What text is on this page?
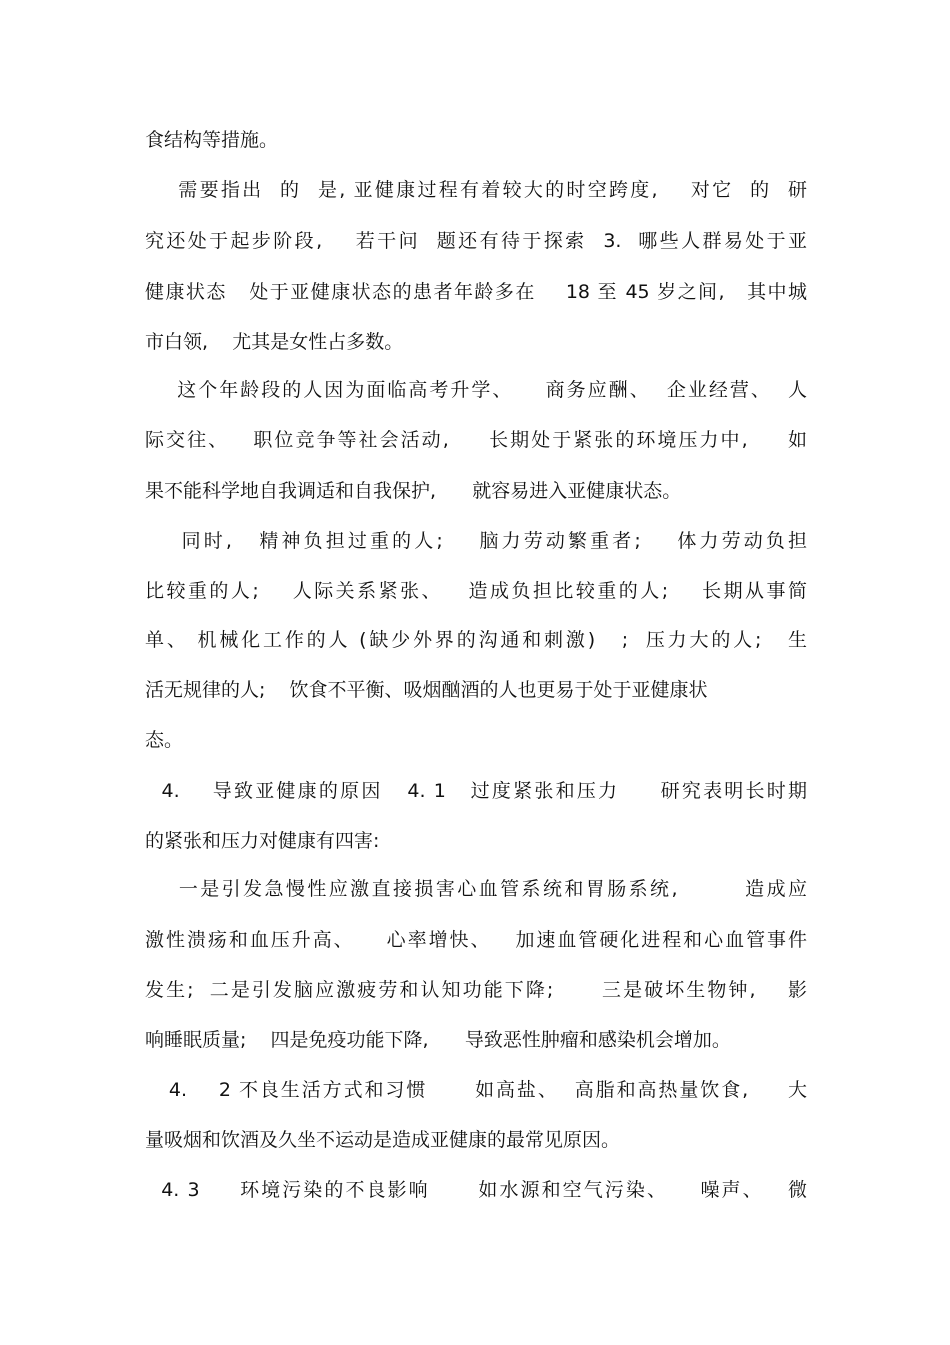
食结构等措施。
需要指出  的  是, 亚健康过程有着较大的时空跨度,    对它  的  研
究还处于起步阶段,    若干问  题还有待于探索  3.  哪些人群易处于亚
健康状态   处于亚健康状态的患者年龄多在    18 至 45 岁之间,   其中城
市白领,    尤其是女性占多数。
这个年龄段的人因为面临高考升学、    商务应酬、  企业经营、  人
际交往、   职位竞争等社会活动,     长期处于紧张的环境压力中,     如
果不能科学地自我调适和自我保护,      就容易进入亚健康状态。
同时,   精神负担过重的人;    脑力劳动繁重者;    体力劳动负担
比较重的人;    人际关系紧张、   造成负担比较重的人;    长期从事简
单、 机械化工作的人 (缺少外界的沟通和刺激)   ;  压力大的人;   生
活无规律的人;    饮食不平衡、吸烟酗酒的人也更易于处于亚健康状
态。
4.    导致亚健康的原因   4. 1   过度紧张和压力     研究表明长时期
的紧张和压力对健康有四害:
一是引发急慢性应激直接损害心血管系统和胃肠系统,        造成应
激性溃疡和血压升高、    心率增快、   加速血管硬化进程和心血管事件
发生;  二是引发脑应激疲劳和认知功能下降;      三是破坏生物钟,    影
响睡眠质量;    四是免疫功能下降,      导致恶性肿瘤和感染机会增加。
4.    2 不良生活方式和习惯      如高盐、  高脂和高热量饮食,     大
量吸烟和饮酒及久坐不运动是造成亚健康的最常见原因。
4. 3     环境污染的不良影响      如水源和空气污染、    噪声、   微
